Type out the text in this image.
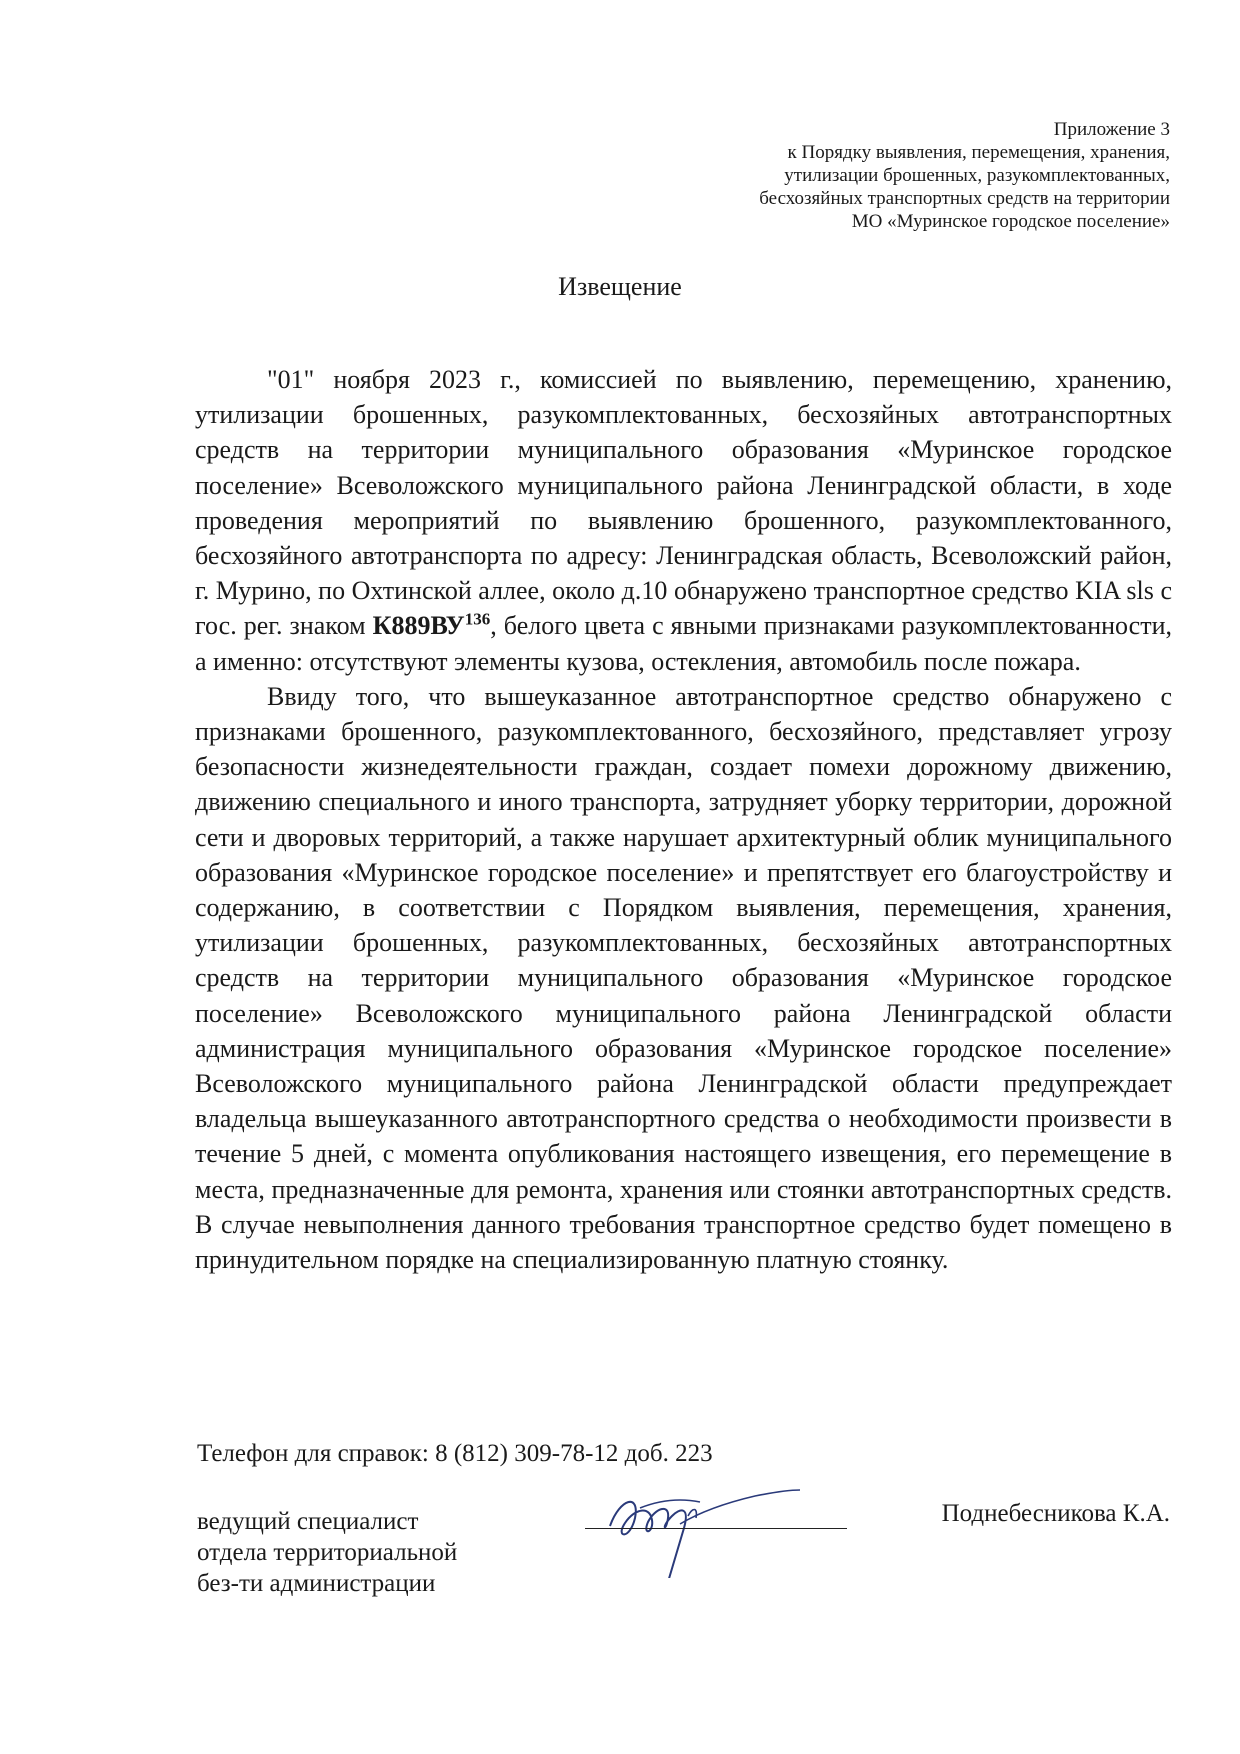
Приложение 3
к Порядку выявления, перемещения, хранения,
утилизации брошенных, разукомплектованных,
бесхозяйных транспортных средств на территории
МО «Муринское городское поселение»
Извещение

"01" ноября 2023 г., комиссией по выявлению, перемещению, хранению, утилизации брошенных, разукомплектованных, бесхозяйных автотранспортных средств на территории муниципального образования «Муринское городское поселение» Всеволожского муниципального района Ленинградской области, в ходе проведения мероприятий по выявлению брошенного, разукомплектованного, бесхозяйного автотранспорта по адресу: Ленинградская область, Всеволожский район, г. Мурино, по Охтинской аллее, около д.10 обнаружено транспортное средство KIA sls с гос. рег. знаком К889ВУ$^{136}$, белого цвета с явными признаками разукомплектованности, а именно: отсутствуют элементы кузова, остекления, автомобиль после пожара.

Ввиду того, что вышеуказанное автотранспортное средство обнаружено с признаками брошенного, разукомплектованного, бесхозяйного, представляет угрозу безопасности жизнедеятельности граждан, создает помехи дорожному движению, движению специального и иного транспорта, затрудняет уборку территории, дорожной сети и дворовых территорий, а также нарушает архитектурный облик муниципального образования «Муринское городское поселение» и препятствует его благоустройству и содержанию, в соответствии с Порядком выявления, перемещения, хранения, утилизации брошенных, разукомплектованных, бесхозяйных автотранспортных средств на территории муниципального образования «Муринское городское поселение» Всеволожского муниципального района Ленинградской области администрация муниципального образования «Муринское городское поселение» Всеволожского муниципального района Ленинградской области предупреждает владельца вышеуказанного автотранспортного средства о необходимости произвести в течение 5 дней, с момента опубликования настоящего извещения, его перемещение в места, предназначенные для ремонта, хранения или стоянки автотранспортных средств. В случае невыполнения данного требования транспортное средство будет помещено в принудительном порядке на специализированную платную стоянку.

Телефон для справок: 8 (812) 309-78-12 доб. 223
ведущий специалист
отдела территориальной
без-ти администрации
Поднебесникова К.А.
